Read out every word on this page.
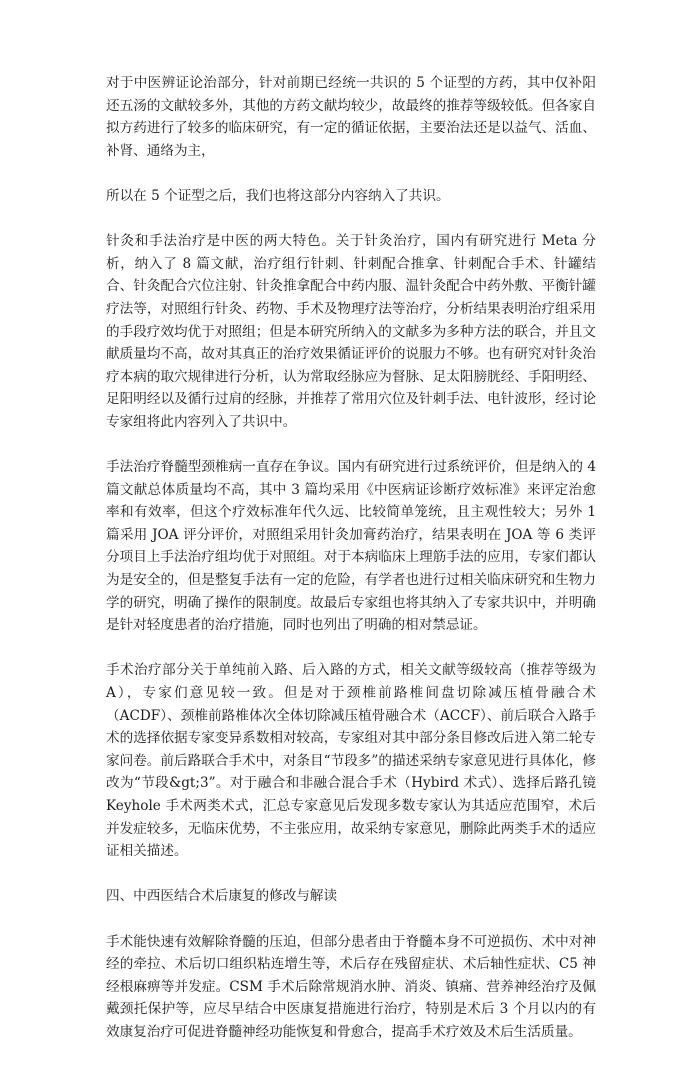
对于中医辨证论治部分，针对前期已经统一共识的 5 个证型的方药，其中仅补阳还五汤的文献较多外，其他的方药文献均较少，故最终的推荐等级较低。但各家自拟方药进行了较多的临床研究，有一定的循证依据，主要治法还是以益气、活血、补肾、通络为主，

所以在 5 个证型之后，我们也将这部分内容纳入了共识。

针灸和手法治疗是中医的两大特色。关于针灸治疗，国内有研究进行 Meta 分析，纳入了 8 篇文献，治疗组行针刺、针刺配合推拿、针刺配合手术、针罐结合、针灸配合穴位注射、针灸推拿配合中药内服、温针灸配合中药外敷、平衡针罐疗法等，对照组行针灸、药物、手术及物理疗法等治疗，分析结果表明治疗组采用的手段疗效均优于对照组；但是本研究所纳入的文献多为多种方法的联合，并且文献质量均不高，故对其真正的治疗效果循证评价的说服力不够。也有研究对针灸治疗本病的取穴规律进行分析，认为常取经脉应为督脉、足太阳膀胱经、手阳明经、足阳明经以及循行过肩的经脉，并推荐了常用穴位及针刺手法、电针波形，经讨论专家组将此内容列入了共识中。

手法治疗脊髓型颈椎病一直存在争议。国内有研究进行过系统评价，但是纳入的 4 篇文献总体质量均不高，其中 3 篇均采用《中医病证诊断疗效标准》来评定治愈率和有效率，但这个疗效标准年代久远、比较简单笼统，且主观性较大；另外 1 篇采用 JOA 评分评价，对照组采用针灸加膏药治疗，结果表明在 JOA 等 6 类评分项目上手法治疗组均优于对照组。对于本病临床上理筋手法的应用，专家们都认为是安全的，但是整复手法有一定的危险，有学者也进行过相关临床研究和生物力学的研究，明确了操作的限制度。故最后专家组也将其纳入了专家共识中，并明确是针对轻度患者的治疗措施，同时也列出了明确的相对禁忌证。

手术治疗部分关于单纯前入路、后入路的方式，相关文献等级较高（推荐等级为 A），专家们意见较一致。但是对于颈椎前路椎间盘切除减压植骨融合术（ACDF）、颈椎前路椎体次全体切除减压植骨融合术（ACCF）、前后联合入路手术的选择依据专家变异系数相对较高，专家组对其中部分条目修改后进入第二轮专家问卷。前后路联合手术中，对条目“节段多”的描述采纳专家意见进行具体化，修改为“节段&gt;3”。对于融合和非融合混合手术（Hybird 术式）、选择后路孔镜 Keyhole 手术两类术式，汇总专家意见后发现多数专家认为其适应范围窄，术后并发症较多，无临床优势，不主张应用，故采纳专家意见，删除此两类手术的适应证相关描述。

四、中西医结合术后康复的修改与解读

手术能快速有效解除脊髓的压迫，但部分患者由于脊髓本身不可逆损伤、术中对神经的牵拉、术后切口组织粘连增生等，术后存在残留症状、术后轴性症状、C5 神经根麻痹等并发症。CSM 手术后除常规消水肿、消炎、镇痛、营养神经治疗及佩戴颈托保护等，应尽早结合中医康复措施进行治疗，特别是术后 3 个月以内的有效康复治疗可促进脊髓神经功能恢复和骨愈合，提高手术疗效及术后生活质量。
